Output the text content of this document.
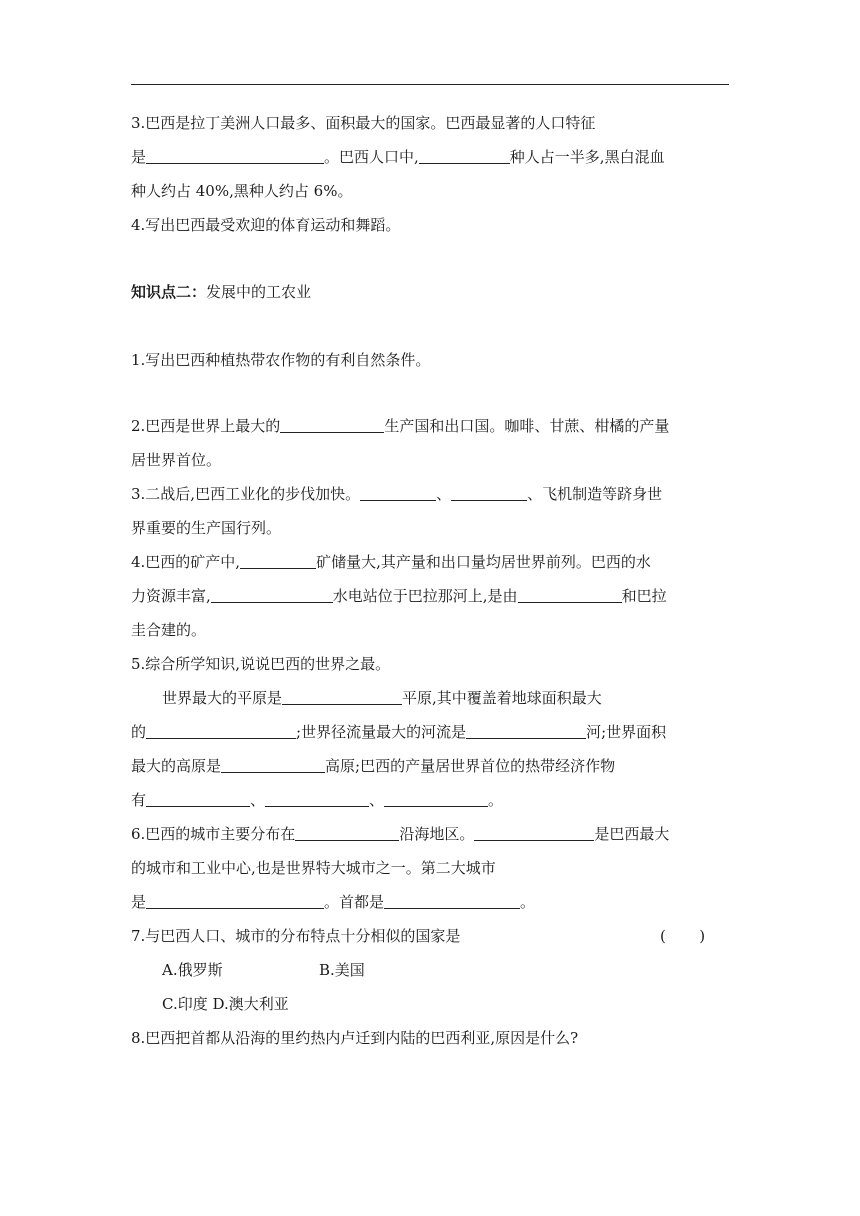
3.巴西是拉丁美洲人口最多、面积最大的国家。巴西最显著的人口特征
是	。巴西人口中,	种人占一半多,黑白混血
种人约占 40%,黑种人约占 6%。
4.写出巴西最受欢迎的体育运动和舞蹈。
知识点二：发展中的工农业
1.写出巴西种植热带农作物的有利自然条件。
2.巴西是世界上最大的	生产国和出口国。咖啡、甘蔗、柑橘的产量
居世界首位。
3.二战后,巴西工业化的步伐加快。	、	、飞机制造等跻身世
界重要的生产国行列。
4.巴西的矿产中,	矿储量大,其产量和出口量均居世界前列。巴西的水
力资源丰富,	水电站位于巴拉那河上,是由	和巴拉
圭合建的。
5.综合所学知识,说说巴西的世界之最。
世界最大的平原是	平原,其中覆盖着地球面积最大
的	;世界径流量最大的河流是	河;世界面积
最大的高原是	高原;巴西的产量居世界首位的热带经济作物
有	、	、	。
6.巴西的城市主要分布在	沿海地区。	是巴西最大
的城市和工业中心,也是世界特大城市之一。第二大城市
是	。首都是	。
7.与巴西人口、城市的分布特点十分相似的国家是	(       )
A.俄罗斯	B.美国
C.印度 D.澳大利亚
8.巴西把首都从沿海的里约热内卢迁到内陆的巴西利亚,原因是什么?
